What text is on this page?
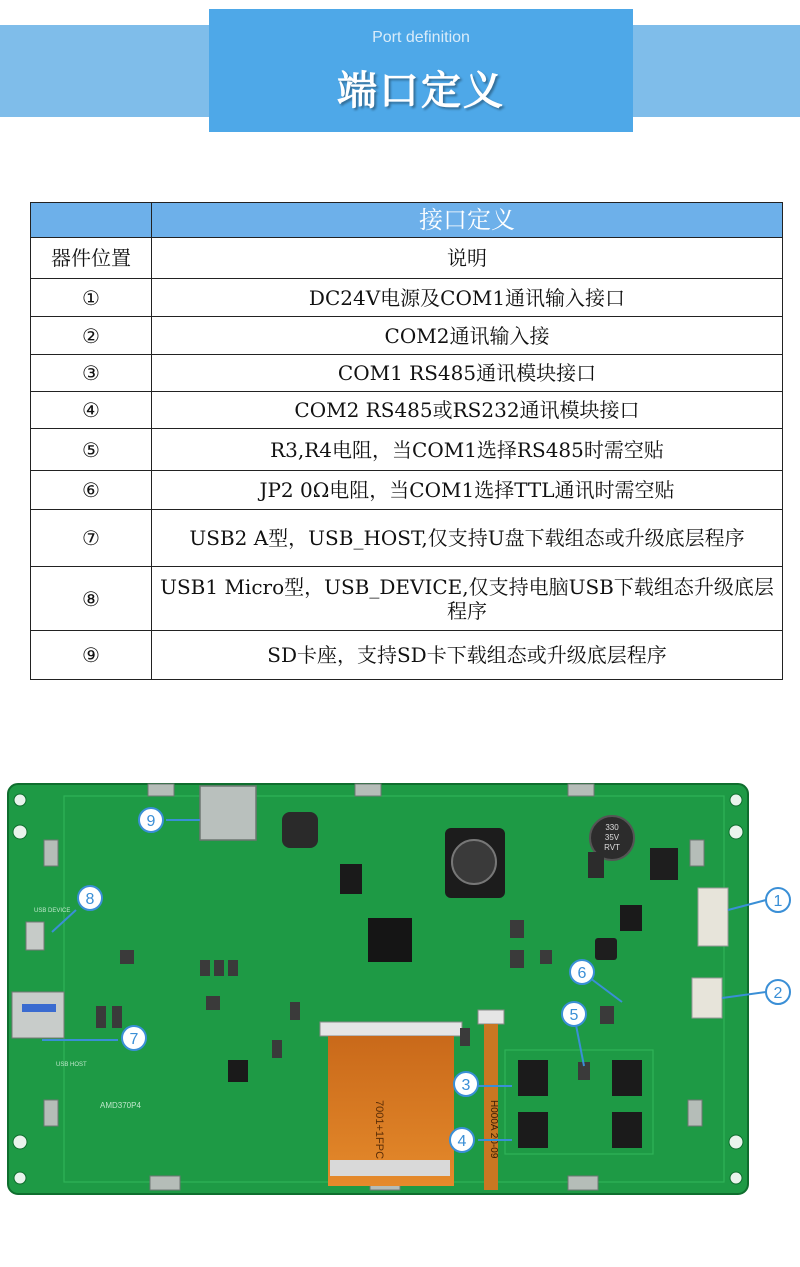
Port definition
端口定义
	接口定义
器件位置	说明
①	DC24V电源及COM1通讯输入接口
②	COM2通讯输入接
③	COM1 RS485通讯模块接口
④	COM2 RS485或RS232通讯模块接口
⑤	R3,R4电阻，当COM1选择RS485时需空贴
⑥	JP2 0Ω电阻，当COM1选择TTL通讯时需空贴
⑦	USB2 A型，USB_HOST,仅支持U盘下载组态或升级底层程序
⑧	USB1 Micro型，USB_DEVICE,仅支持电脑USB下载组态升级底层程序
⑨	SD卡座，支持SD卡下载组态或升级底层程序
330
35V
RVT
7001+1FPC	H000A 20-09
AMD370P4
USB DEVICE
USB HOST
1
2
3
4
5
6
7
8
9
